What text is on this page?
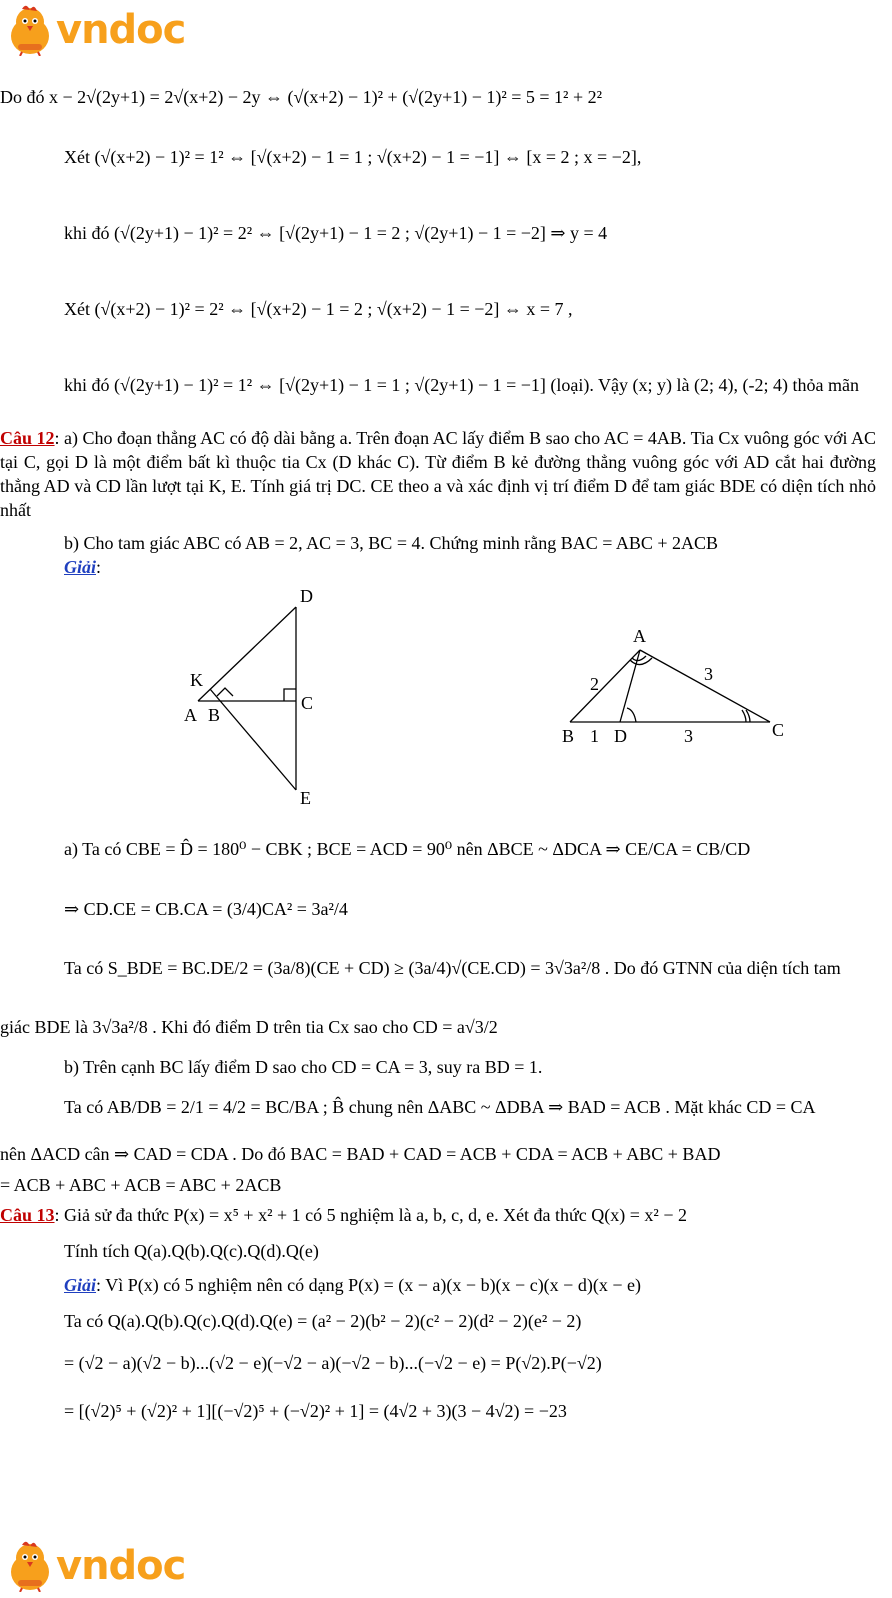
vndoc
Do đó x − 2√(2y+1) = 2√(x+2) − 2y ⇔ (√(x+2) − 1)² + (√(2y+1) − 1)² = 5 = 1² + 2²
Xét (√(x+2) − 1)² = 1² ⇔ [√(x+2) − 1 = 1 ; √(x+2) − 1 = −1] ⇔ [x = 2 ; x = −2],
khi đó (√(2y+1) − 1)² = 2² ⇔ [√(2y+1) − 1 = 2 ; √(2y+1) − 1 = −2] ⇒ y = 4
Xét (√(x+2) − 1)² = 2² ⇔ [√(x+2) − 1 = 2 ; √(x+2) − 1 = −2] ⇔ x = 7 ,
khi đó (√(2y+1) − 1)² = 1² ⇔ [√(2y+1) − 1 = 1 ; √(2y+1) − 1 = −1] (loại). Vậy (x; y) là (2; 4), (-2; 4) thỏa mãn
Câu 12: a) Cho đoạn thẳng AC có độ dài bằng a. Trên đoạn AC lấy điểm B sao cho AC = 4AB. Tia Cx vuông góc với AC tại C, gọi D là một điểm bất kì thuộc tia Cx (D khác C). Từ điểm B kẻ đường thẳng vuông góc với AD cắt hai đường thẳng AD và CD lần lượt tại K, E. Tính giá trị DC. CE theo a và xác định vị trí điểm D để tam giác BDE có diện tích nhỏ nhất
b) Cho tam giác ABC có AB = 2, AC = 3, BC = 4. Chứng minh rằng BAC = ABC + 2ACB
Giải:
D
K
A B
C
E
A
B	C
D
2	3
1	3
a) Ta có CBE = D̂ = 180⁰ − CBK ; BCE = ACD = 90⁰ nên ΔBCE ~ ΔDCA ⇒ CE/CA = CB/CD
⇒ CD.CE = CB.CA = (3/4)CA² = 3a²/4
Ta có S_BDE = BC.DE/2 = (3a/8)(CE + CD) ≥ (3a/4)√(CE.CD) = 3√3a²/8 . Do đó GTNN của diện tích tam
giác BDE là 3√3a²/8 . Khi đó điểm D trên tia Cx sao cho CD = a√3/2
b) Trên cạnh BC lấy điểm D sao cho CD = CA = 3, suy ra BD = 1.
Ta có AB/DB = 2/1 = 4/2 = BC/BA ; B̂ chung nên ΔABC ~ ΔDBA ⇒ BAD = ACB . Mặt khác CD = CA
nên ΔACD cân ⇒ CAD = CDA . Do đó BAC = BAD + CAD = ACB + CDA = ACB + ABC + BAD
= ACB + ABC + ACB = ABC + 2ACB
Câu 13: Giả sử đa thức P(x) = x⁵ + x² + 1 có 5 nghiệm là a, b, c, d, e. Xét đa thức Q(x) = x² − 2
Tính tích Q(a).Q(b).Q(c).Q(d).Q(e)
Giải: Vì P(x) có 5 nghiệm nên có dạng P(x) = (x − a)(x − b)(x − c)(x − d)(x − e)
Ta có Q(a).Q(b).Q(c).Q(d).Q(e) = (a² − 2)(b² − 2)(c² − 2)(d² − 2)(e² − 2)
= (√2 − a)(√2 − b)...(√2 − e)(−√2 − a)(−√2 − b)...(−√2 − e) = P(√2).P(−√2)
= [(√2)⁵ + (√2)² + 1][(−√2)⁵ + (−√2)² + 1] = (4√2 + 3)(3 − 4√2) = −23
vndoc
